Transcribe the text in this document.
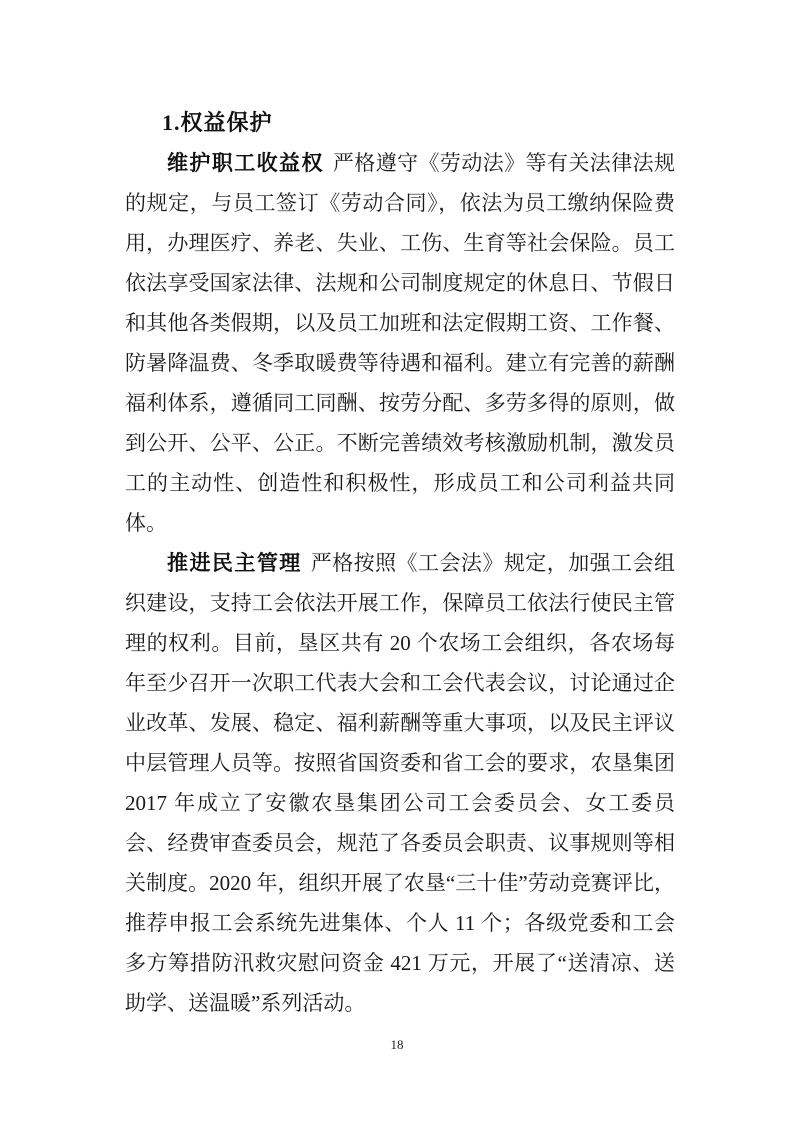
1.权益保护

维护职工收益权 严格遵守《劳动法》等有关法律法规的规定，与员工签订《劳动合同》，依法为员工缴纳保险费用，办理医疗、养老、失业、工伤、生育等社会保险。员工依法享受国家法律、法规和公司制度规定的休息日、节假日和其他各类假期，以及员工加班和法定假期工资、工作餐、防暑降温费、冬季取暖费等待遇和福利。建立有完善的薪酬福利体系，遵循同工同酬、按劳分配、多劳多得的原则，做到公开、公平、公正。不断完善绩效考核激励机制，激发员工的主动性、创造性和积极性，形成员工和公司利益共同体。

推进民主管理 严格按照《工会法》规定，加强工会组织建设，支持工会依法开展工作，保障员工依法行使民主管理的权利。目前，垦区共有 20 个农场工会组织，各农场每年至少召开一次职工代表大会和工会代表会议，讨论通过企业改革、发展、稳定、福利薪酬等重大事项，以及民主评议中层管理人员等。按照省国资委和省工会的要求，农垦集团 2017 年成立了安徽农垦集团公司工会委员会、女工委员会、经费审查委员会，规范了各委员会职责、议事规则等相关制度。2020 年，组织开展了农垦“三十佳”劳动竞赛评比，推荐申报工会系统先进集体、个人 11 个；各级党委和工会多方筹措防汛救灾慰问资金 421 万元，开展了“送清凉、送助学、送温暖”系列活动。

18
